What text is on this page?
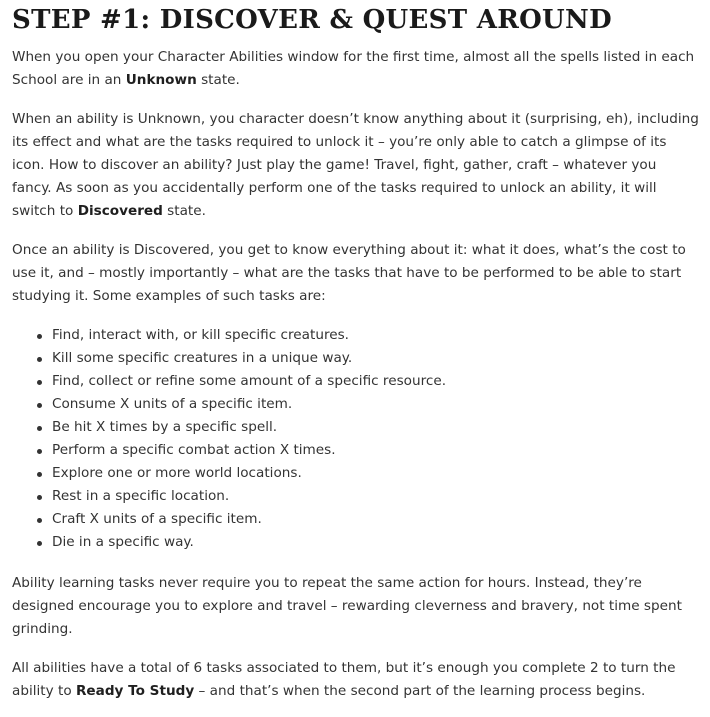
STEP #1: DISCOVER & QUEST AROUND

When you open your Character Abilities window for the first time, almost all the spells listed in each School are in an Unknown state.

When an ability is Unknown, you character doesn’t know anything about it (surprising, eh), including its effect and what are the tasks required to unlock it – you’re only able to catch a glimpse of its icon. How to discover an ability? Just play the game! Travel, fight, gather, craft – whatever you fancy. As soon as you accidentally perform one of the tasks required to unlock an ability, it will switch to Discovered state.

Once an ability is Discovered, you get to know everything about it: what it does, what’s the cost to use it, and – mostly importantly – what are the tasks that have to be performed to be able to start studying it. Some examples of such tasks are:

Find, interact with, or kill specific creatures.
Kill some specific creatures in a unique way.
Find, collect or refine some amount of a specific resource.
Consume X units of a specific item.
Be hit X times by a specific spell.
Perform a specific combat action X times.
Explore one or more world locations.
Rest in a specific location.
Craft X units of a specific item.
Die in a specific way.

Ability learning tasks never require you to repeat the same action for hours. Instead, they’re designed encourage you to explore and travel – rewarding cleverness and bravery, not time spent grinding.

All abilities have a total of 6 tasks associated to them, but it’s enough you complete 2 to turn the ability to Ready To Study – and that’s when the second part of the learning process begins.
